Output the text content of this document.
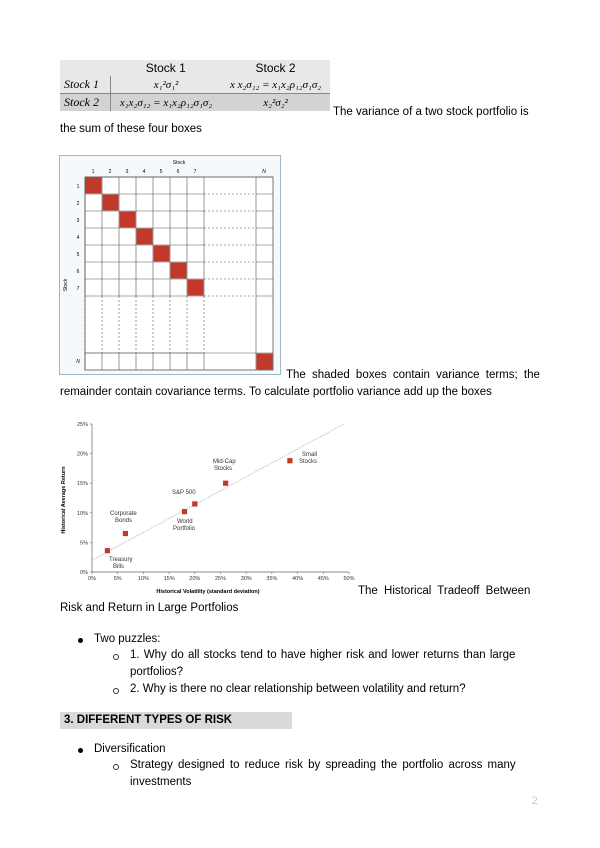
	Stock 1	Stock 2
Stock 1	x₁²σ₁²	x x₂σ₁₂ = x₁x₂ρ₁₂σ₁σ₂
Stock 2	x₁x₂σ₁₂ = x₁x₂ρ₁₂σ₁σ₂	x₂²σ₂²
The variance of a two stock portfolio is
the sum of these four boxes
Stock
Stock
1	2	3	4	5	6	7	N
1
2
3
4
5
6
7
N
The shaded boxes contain variance terms; the
remainder contain covariance terms. To calculate portfolio variance add up the boxes
0%	5%	10%	15%	20%	25%	30%	35%	40%	45%	50%
0%
5%
10%
15%
20%
25%
Historical Volatility (standard deviation)
Historical Average Return
Treasury
Bills
Corporate
Bonds	World
Portfolio
S&P 500
Mid-Cap
Stocks
Small
Stocks
The Historical Tradeoff Between
Risk and Return in Large Portfolios
Two puzzles:
1. Why do all stocks tend to have higher risk and lower returns than large
portfolios?
2. Why is there no clear relationship between volatility and return?
3. DIFFERENT TYPES OF RISK
Diversification
Strategy designed to reduce risk by spreading the portfolio across many
investments
2
